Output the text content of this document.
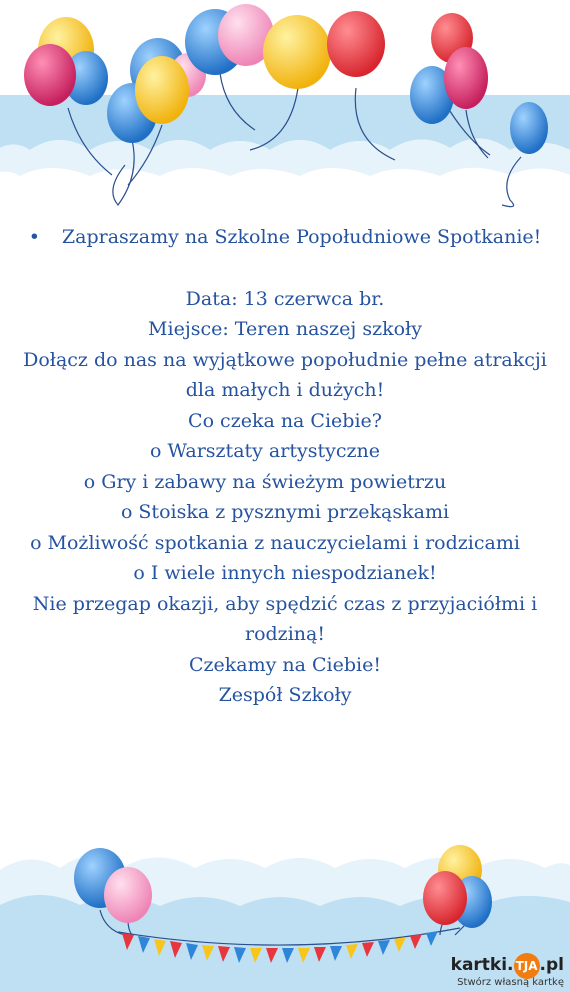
• Zapraszamy na Szkolne Popołudniowe Spotkanie!
Data: 13 czerwca br.
Miejsce: Teren naszej szkoły
Dołącz do nas na wyjątkowe popołudnie pełne atrakcji
dla małych i dużych!
Co czeka na Ciebie?
o Warsztaty artystyczne
o Gry i zabawy na świeżym powietrzu
o Stoiska z pysznymi przekąskami
o Możliwość spotkania z nauczycielami i rodzicami
o I wiele innych niespodzianek!
Nie przegap okazji, aby spędzić czas z przyjaciółmi i
rodziną!
Czekamy na Ciebie!
Zespół Szkoły
kartki. TJA .pl
Stwórz własną kartkę
